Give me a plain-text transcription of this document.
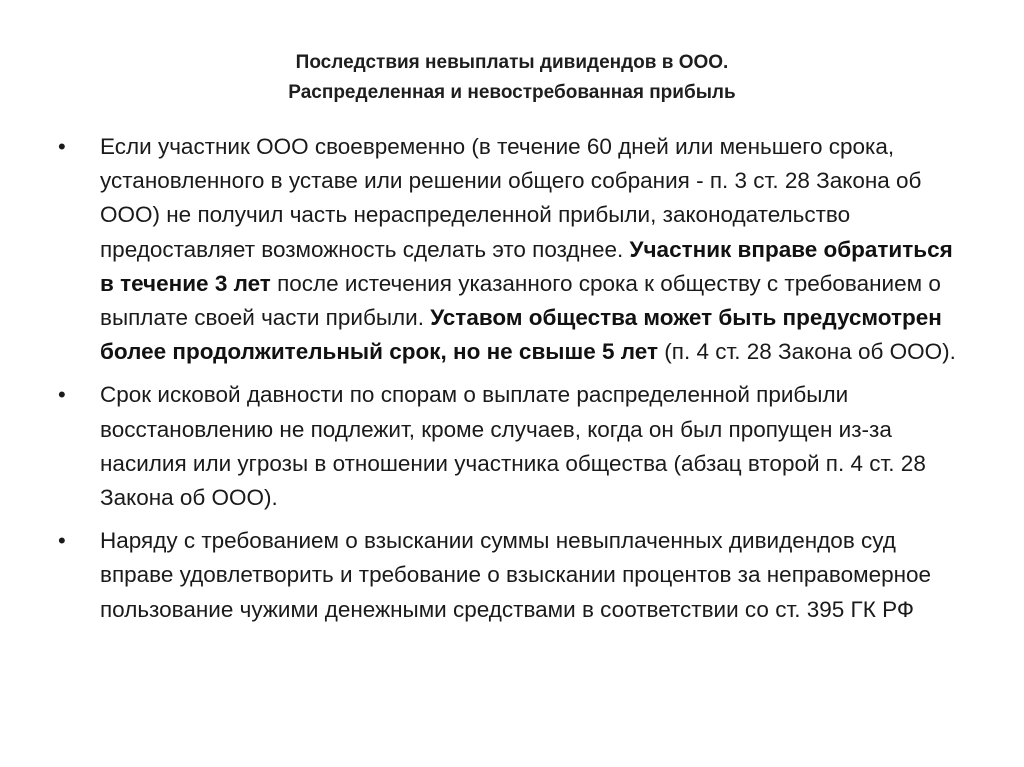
Последствия невыплаты дивидендов в ООО.
Распределенная и невостребованная прибыль
• Если участник ООО своевременно (в течение 60 дней или меньшего срока, установленного в уставе или решении общего собрания - п. 3 ст. 28 Закона об ООО) не получил часть нераспределенной прибыли, законодательство предоставляет возможность сделать это позднее. Участник вправе обратиться в течение 3 лет после истечения указанного срока к обществу с требованием о выплате своей части прибыли. Уставом общества может быть предусмотрен более продолжительный срок, но не свыше 5 лет (п. 4 ст. 28 Закона об ООО).
• Срок исковой давности по спорам о выплате распределенной прибыли восстановлению не подлежит, кроме случаев, когда он был пропущен из-за насилия или угрозы в отношении участника общества (абзац второй п. 4 ст. 28 Закона об ООО).
• Наряду с требованием о взыскании суммы невыплаченных дивидендов суд вправе удовлетворить и требование о взыскании процентов за неправомерное пользование чужими денежными средствами в соответствии со ст. 395 ГК РФ
